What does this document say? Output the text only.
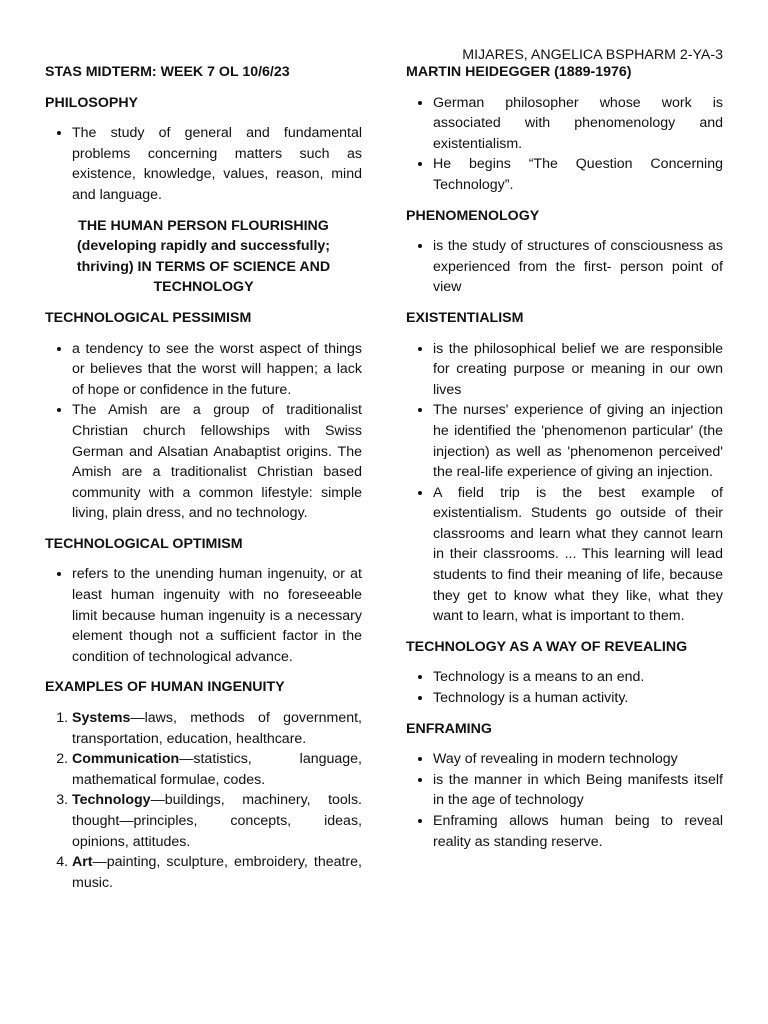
MIJARES, ANGELICA BSPHARM 2-YA-3
STAS MIDTERM: WEEK 7 OL 10/6/23
PHILOSOPHY
• The study of general and fundamental problems concerning matters such as existence, knowledge, values, reason, mind and language.
THE HUMAN PERSON FLOURISHING (developing rapidly and successfully; thriving) IN TERMS OF SCIENCE AND TECHNOLOGY
TECHNOLOGICAL PESSIMISM
• a tendency to see the worst aspect of things or believes that the worst will happen; a lack of hope or confidence in the future.
• The Amish are a group of traditionalist Christian church fellowships with Swiss German and Alsatian Anabaptist origins. The Amish are a traditionalist Christian based community with a common lifestyle: simple living, plain dress, and no technology.
TECHNOLOGICAL OPTIMISM
• refers to the unending human ingenuity, or at least human ingenuity with no foreseeable limit because human ingenuity is a necessary element though not a sufficient factor in the condition of technological advance.
EXAMPLES OF HUMAN INGENUITY
1. Systems—laws, methods of government, transportation, education, healthcare.
2. Communication—statistics, language, mathematical formulae, codes.
3. Technology—buildings, machinery, tools. thought—principles, concepts, ideas, opinions, attitudes.
4. Art—painting, sculpture, embroidery, theatre, music.
MARTIN HEIDEGGER (1889-1976)
• German philosopher whose work is associated with phenomenology and existentialism.
• He begins “The Question Concerning Technology”.
PHENOMENOLOGY
• is the study of structures of consciousness as experienced from the first- person point of view
EXISTENTIALISM
• is the philosophical belief we are responsible for creating purpose or meaning in our own lives
• The nurses' experience of giving an injection he identified the 'phenomenon particular' (the injection) as well as 'phenomenon perceived' the real-life experience of giving an injection.
• A field trip is the best example of existentialism. Students go outside of their classrooms and learn what they cannot learn in their classrooms. ... This learning will lead students to find their meaning of life, because they get to know what they like, what they want to learn, what is important to them.
TECHNOLOGY AS A WAY OF REVEALING
• Technology is a means to an end.
• Technology is a human activity.
ENFRAMING
• Way of revealing in modern technology
• is the manner in which Being manifests itself in the age of technology
• Enframing allows human being to reveal reality as standing reserve.
